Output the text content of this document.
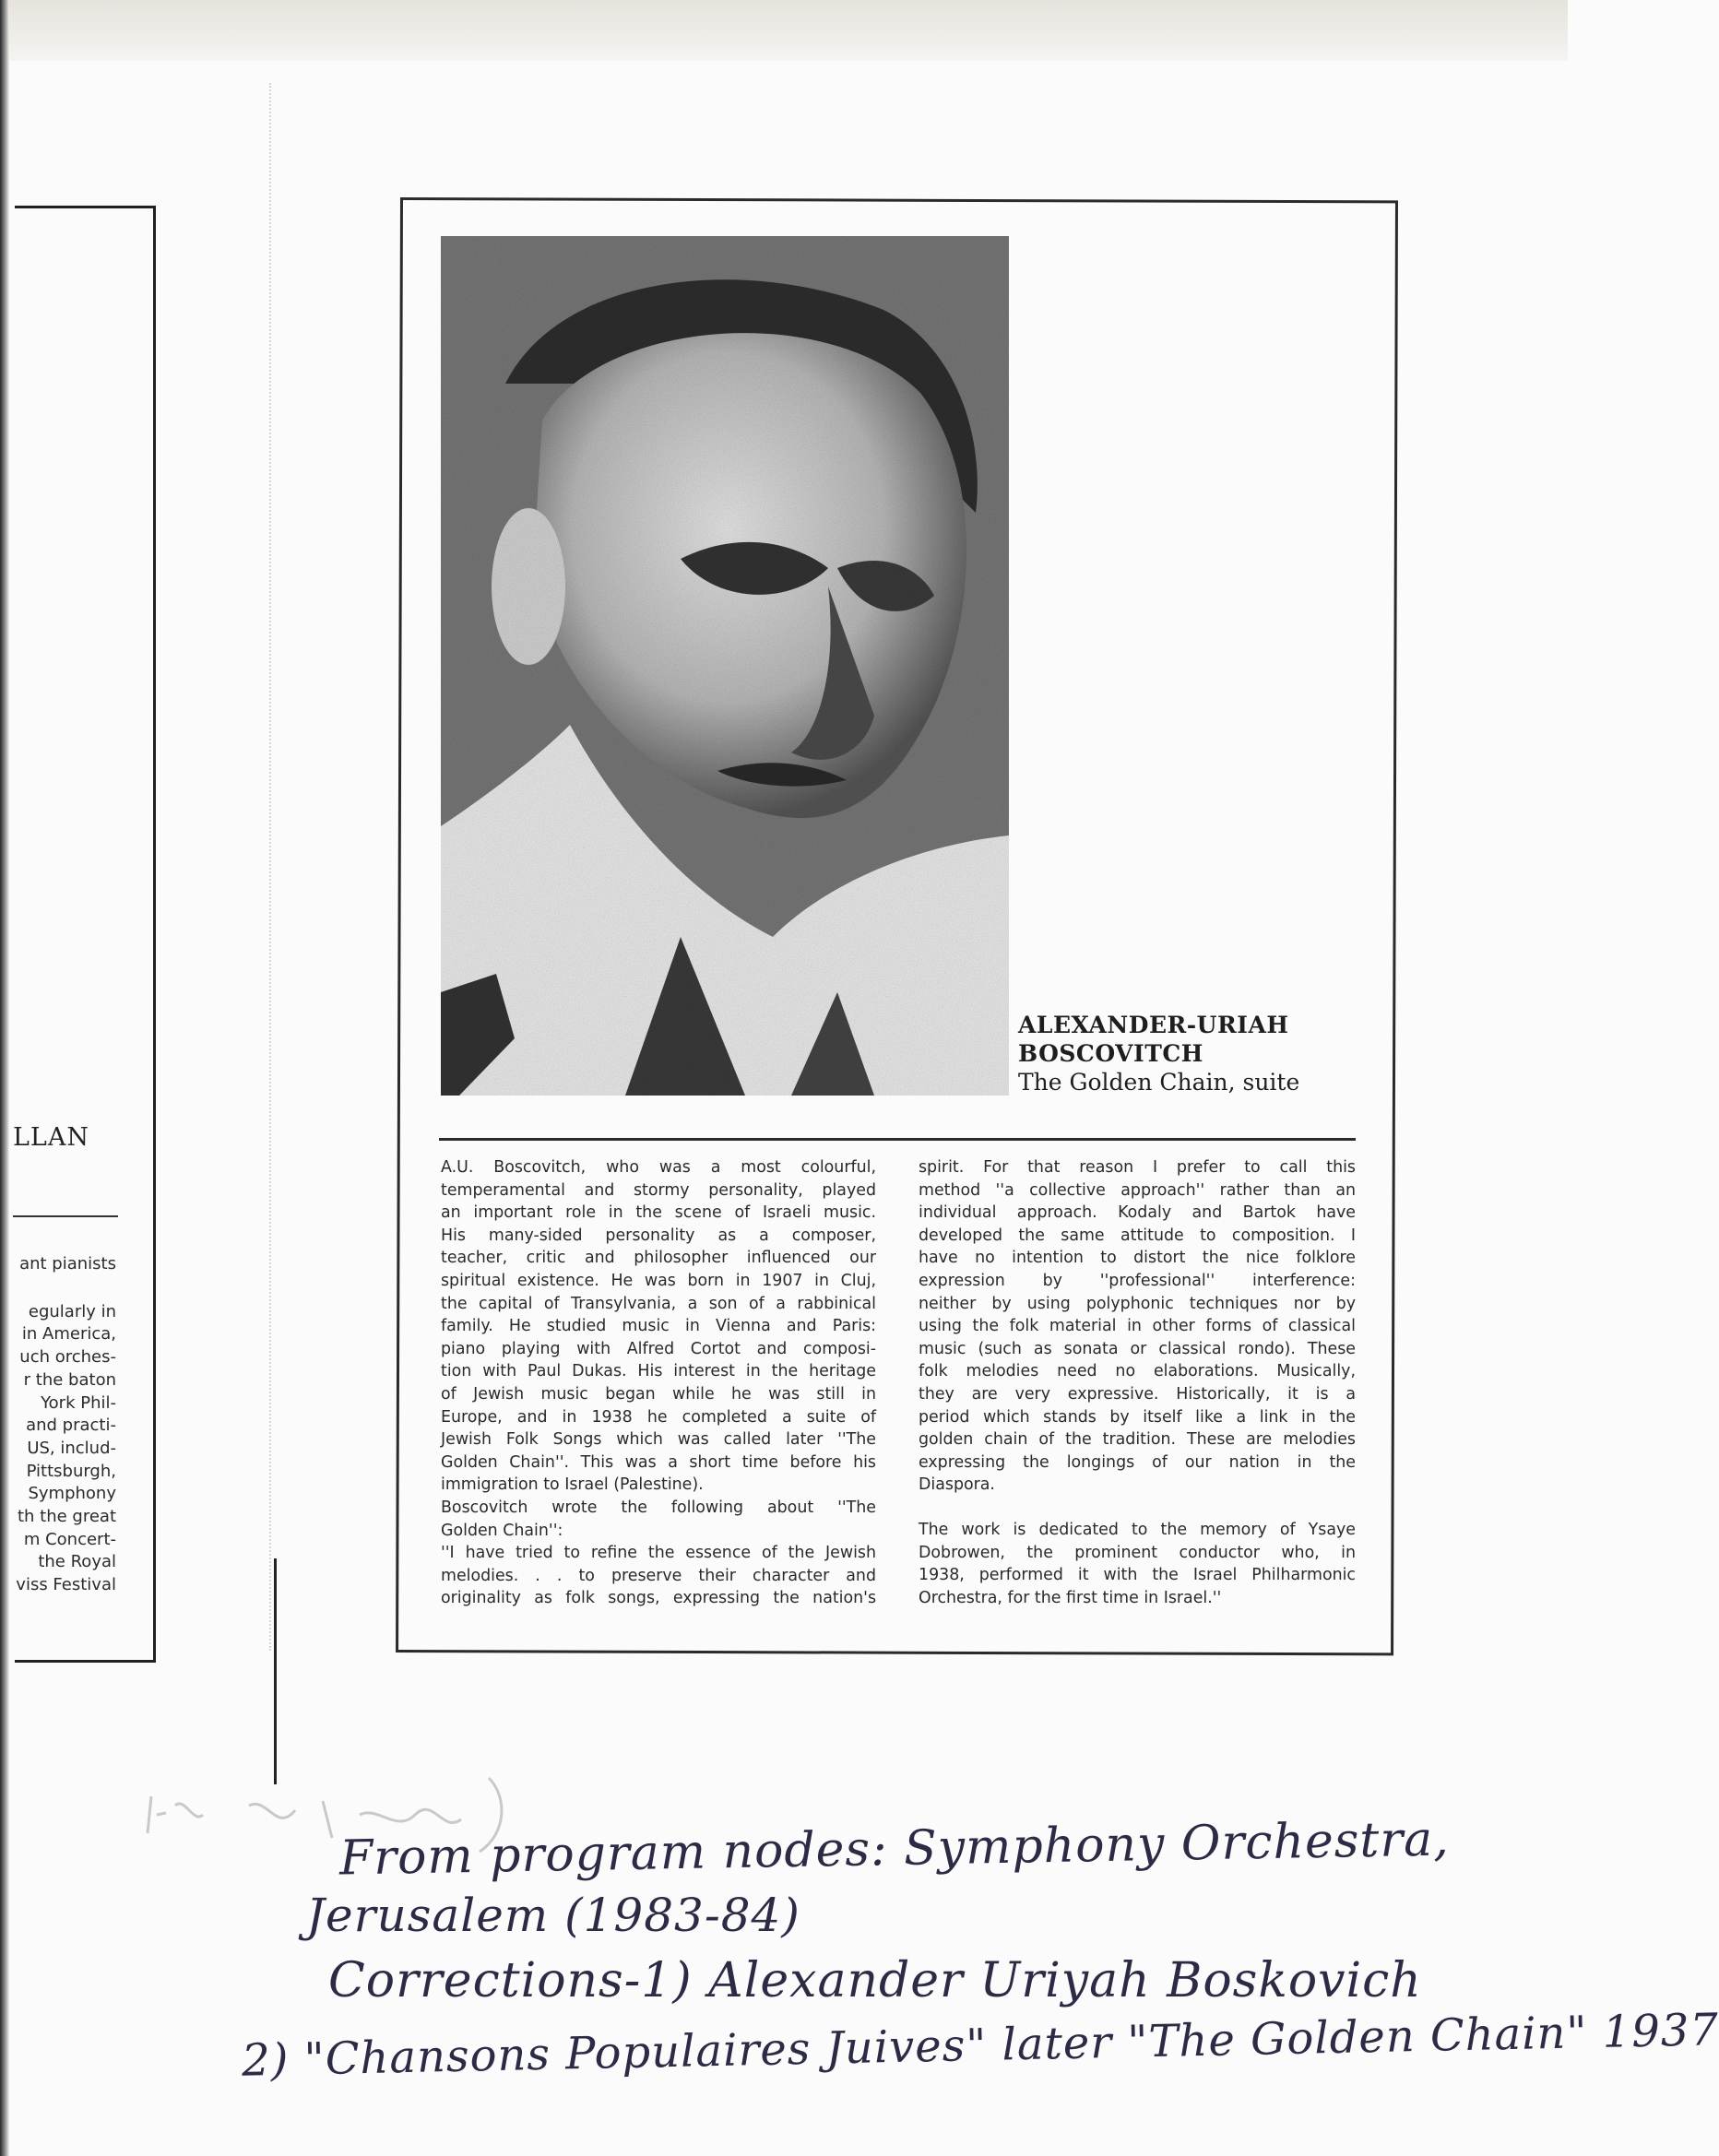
LLAN
ant pianists
egularly in
in America,
uch orches-
r the baton
York Phil-
and practi-
US, includ-
Pittsburgh,
Symphony
th the great
m Concert-
the Royal
viss Festival
ALEXANDER-URIAH
BOSCOVITCH
The Golden Chain, suite
A.U. Boscovitch, who was a most colourful,
temperamental and stormy personality, played
an important role in the scene of Israeli music.
His many-sided personality as a composer,
teacher, critic and philosopher influenced our
spiritual existence. He was born in 1907 in Cluj,
the capital of Transylvania, a son of a rabbinical
family. He studied music in Vienna and Paris:
piano playing with Alfred Cortot and composi-
tion with Paul Dukas. His interest in the heritage
of Jewish music began while he was still in
Europe, and in 1938 he completed a suite of
Jewish Folk Songs which was called later ''The
Golden Chain''. This was a short time before his
immigration to Israel (Palestine).
Boscovitch wrote the following about ''The
Golden Chain'':
''I have tried to refine the essence of the Jewish
melodies. . . to preserve their character and
originality as folk songs, expressing the nation's

spirit. For that reason I prefer to call this
method ''a collective approach'' rather than an
individual approach. Kodaly and Bartok have
developed the same attitude to composition. I
have no intention to distort the nice folklore
expression by ''professional'' interference:
neither by using polyphonic techniques nor by
using the folk material in other forms of classical
music (such as sonata or classical rondo). These
folk melodies need no elaborations. Musically,
they are very expressive. Historically, it is a
period which stands by itself like a link in the
golden chain of the tradition. These are melodies
expressing the longings of our nation in the
Diaspora.

The work is dedicated to the memory of Ysaye
Dobrowen, the prominent conductor who, in
1938, performed it with the Israel Philharmonic
Orchestra, for the first time in Israel.''

From program nodes: Symphony Orchestra,
Jerusalem (1983-84)
Corrections-1) Alexander Uriyah Boskovich
2) "Chansons Populaires Juives" later "The Golden Chain" 1937
